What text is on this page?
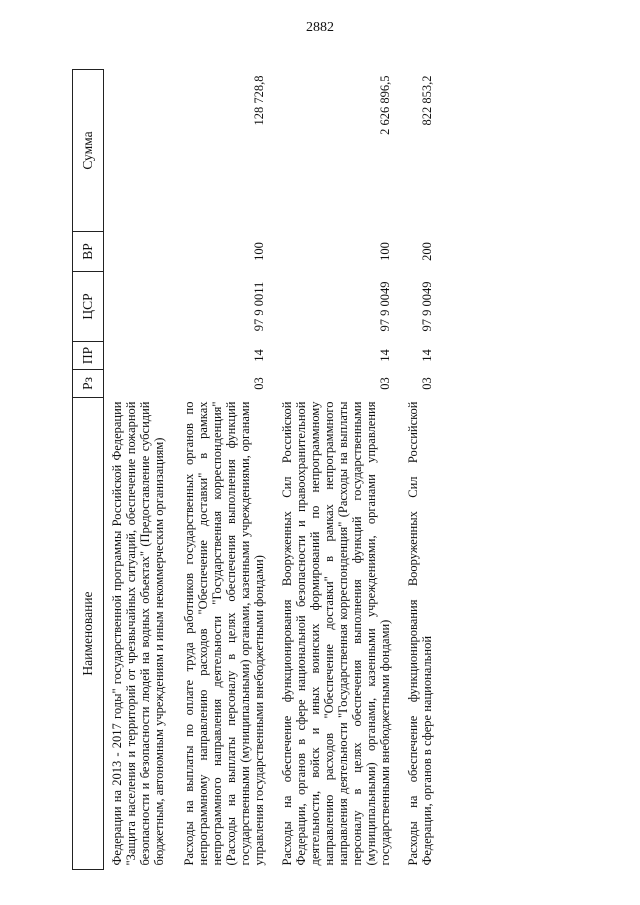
2882
Наименование	Рз	ПР	ЦСР	ВР	Сумма
Федерации на 2013 - 2017 годы" государственной программы Российской Федерации "Защита населения и территорий от чрезвычайных ситуаций, обеспечение пожарной безопасности и безопасности людей на водных объектах" (Предоставление субсидий бюджетным, автономным учреждениям и иным некоммерческим организациям)					
Расходы на выплаты по оплате труда работников государственных органов по непрограммному направлению расходов "Обеспечение доставки" в рамках непрограммного направления деятельности "Государственная корреспонденция" (Расходы на выплаты персоналу в целях обеспечения выполнения функций государственными (муниципальными) органами, казенными учреждениями, органами управления государственными внебюджетными фондами)	03	14	97 9 0011	100	128 728,8
Расходы на обеспечение функционирования Вооруженных Сил Российской Федерации, органов в сфере национальной безопасности и правоохранительной деятельности, войск и иных воинских формирований по непрограммному направлению расходов "Обеспечение доставки" в рамках непрограммного направления деятельности "Государственная корреспонденция" (Расходы на выплаты персоналу в целях обеспечения выполнения функций государственными (муниципальными) органами, казенными учреждениями, органами управления государственными внебюджетными фондами)	03	14	97 9 0049	100	2 626 896,5
Расходы на обеспечение функционирования Вооруженных Сил Российской Федерации, органов в сфере национальной	03	14	97 9 0049	200	822 853,2
